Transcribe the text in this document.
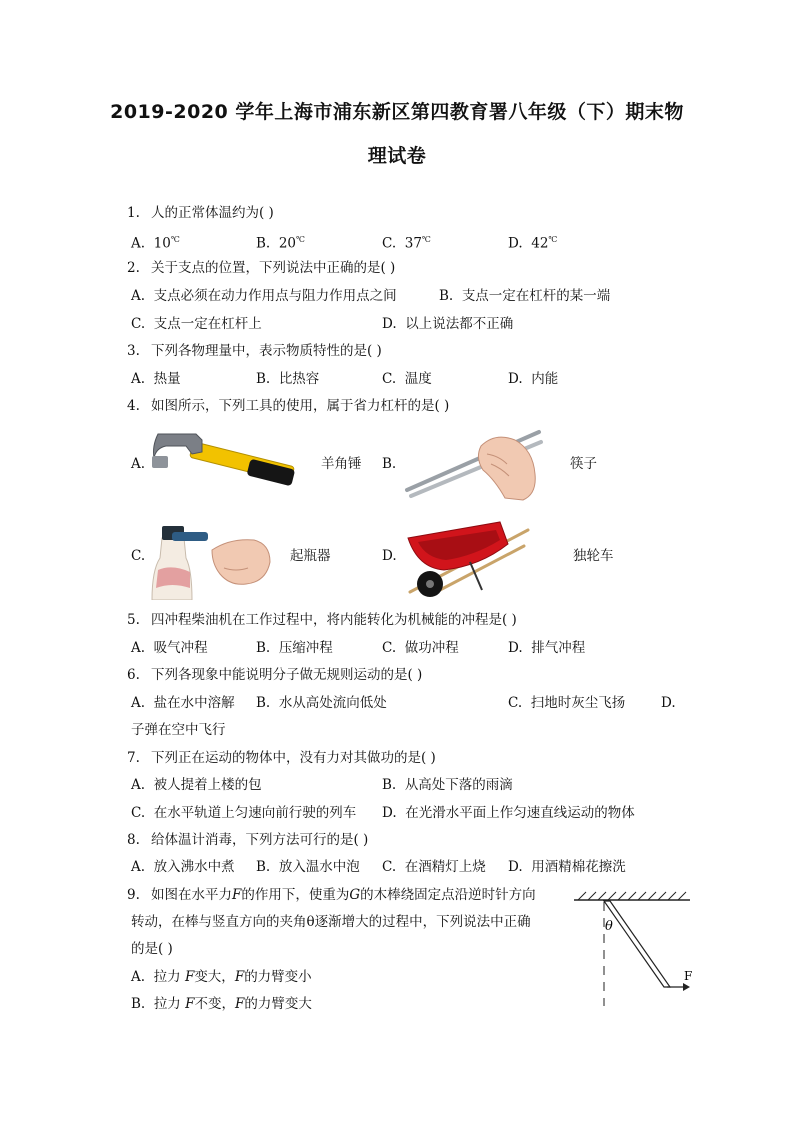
2019-2020 学年上海市浦东新区第四教育署八年级（下）期末物
理试卷
1. 人的正常体温约为( )
A. 10℃	B. 20℃	C. 37℃	D. 42℃
2. 关于支点的位置，下列说法中正确的是( )
A. 支点必须在动力作用点与阻力作用点之间	B. 支点一定在杠杆的某一端
C. 支点一定在杠杆上	D. 以上说法都不正确
3. 下列各物理量中，表示物质特性的是( )
A. 热量	B. 比热容	C. 温度	D. 内能
4. 如图所示，下列工具的使用，属于省力杠杆的是( )
A.	羊角锤 B.	筷子
C.	起瓶器	D.	独轮车
5. 四冲程柴油机在工作过程中，将内能转化为机械能的冲程是( )
A. 吸气冲程	B. 压缩冲程	C. 做功冲程	D. 排气冲程
6. 下列各现象中能说明分子做无规则运动的是( )
A. 盐在水中溶解 B. 水从高处流向低处	C. 扫地时灰尘飞扬	D.
子弹在空中飞行
7. 下列正在运动的物体中，没有力对其做功的是( )
A. 被人提着上楼的包	B. 从高处下落的雨滴
C. 在水平轨道上匀速向前行驶的列车 D. 在光滑水平面上作匀速直线运动的物体
8. 给体温计消毒，下列方法可行的是( )
A. 放入沸水中煮 B. 放入温水中泡 C. 在酒精灯上烧 D. 用酒精棉花擦洗
9. 如图在水平力F的作用下，使重为G的木棒绕固定点沿逆时针方向
转动，在棒与竖直方向的夹角θ逐渐增大的过程中，下列说法中正确
的是( )
A. 拉力 F变大，F的力臂变小
B. 拉力 F不变，F的力臂变大
θ
F
